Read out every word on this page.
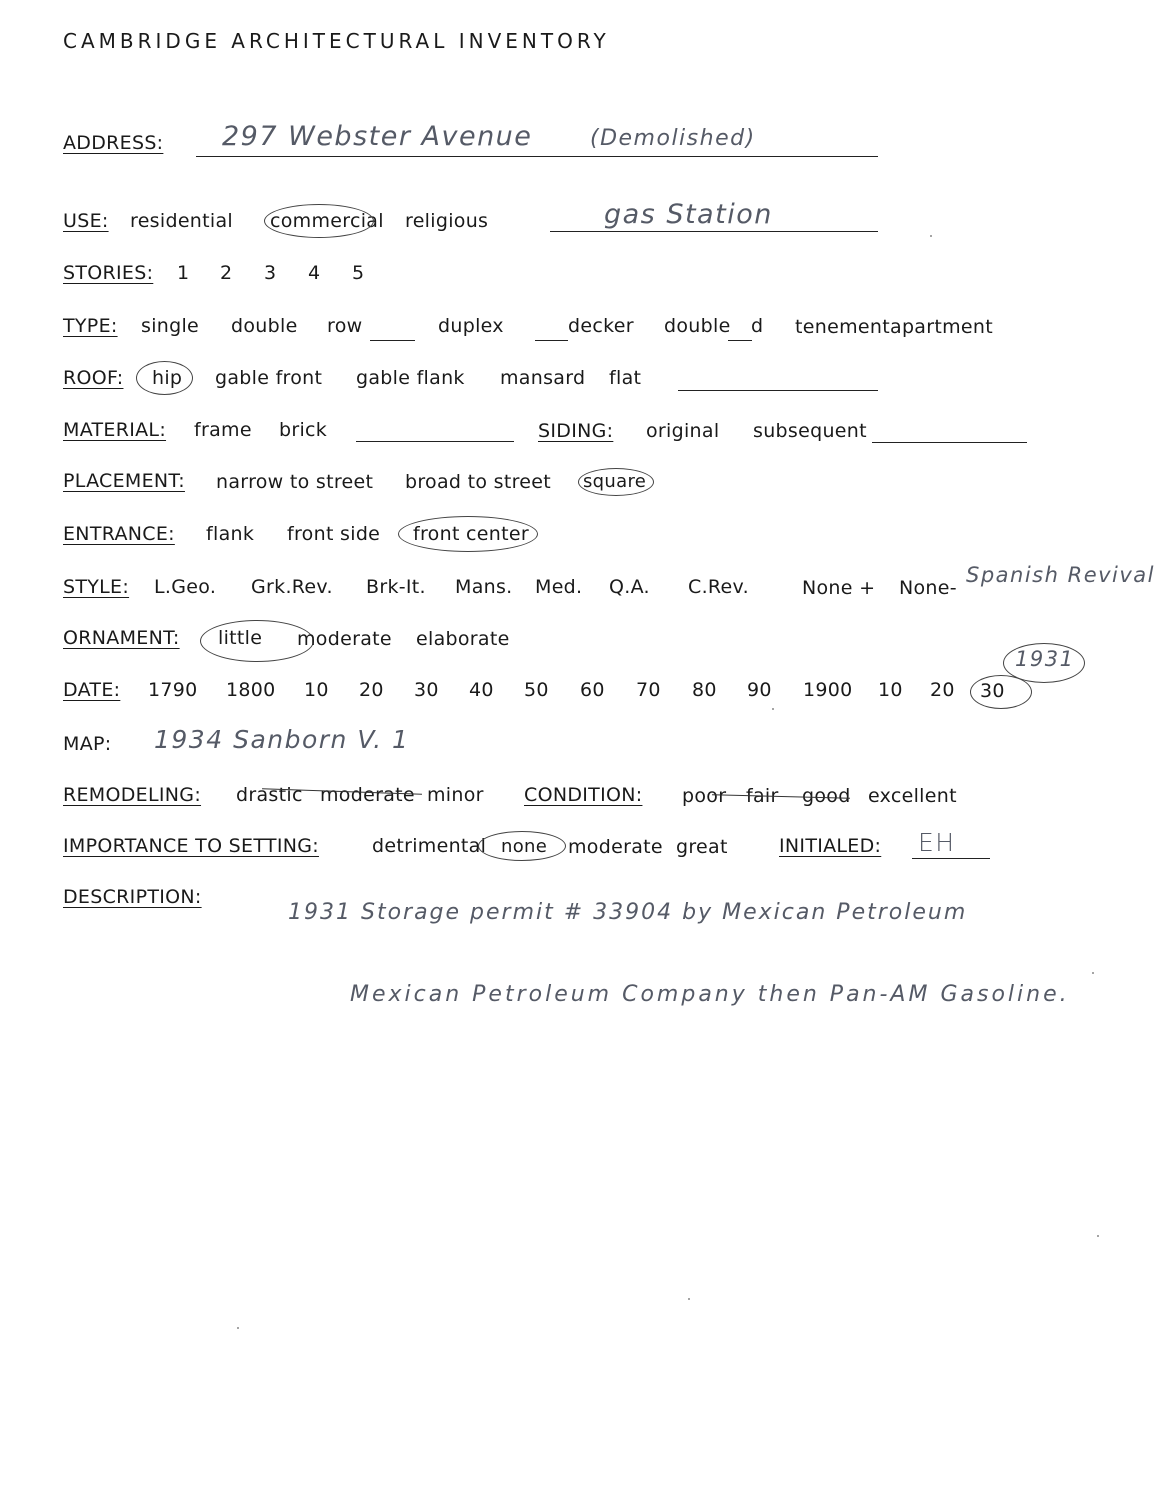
CAMBRIDGE ARCHITECTURAL INVENTORY
ADDRESS: 297 Webster Avenue	(Demolished)
USE: residential commercial religious	gas Station
STORIES: 1 2 3 4 5
TYPE: single double row	duplex	decker double d tenement apartment
ROOF: hip gable front gable flank mansard flat
MATERIAL: frame brick	SIDING: original subsequent
PLACEMENT: narrow to street broad to street square
ENTRANCE: flank front side front center
STYLE: L.Geo. Grk.Rev. Brk-It. Mans. Med. Q.A. C.Rev.	None + None-
Spanish Revival
ORNAMENT: little moderate elaborate
DATE: 1790 1800 10 20 30 40 50 60 70 80 90 1900 10 20 30
1931
MAP: 1934 Sanborn V. 1
REMODELING: drastic moderate minor CONDITION: poor fair good excellent
IMPORTANCE TO SETTING:	detrimental none moderate great	INITIALED: EH
DESCRIPTION:
1931 Storage permit # 33904 by Mexican Petroleum
Mexican Petroleum Company then Pan-AM Gasoline.
